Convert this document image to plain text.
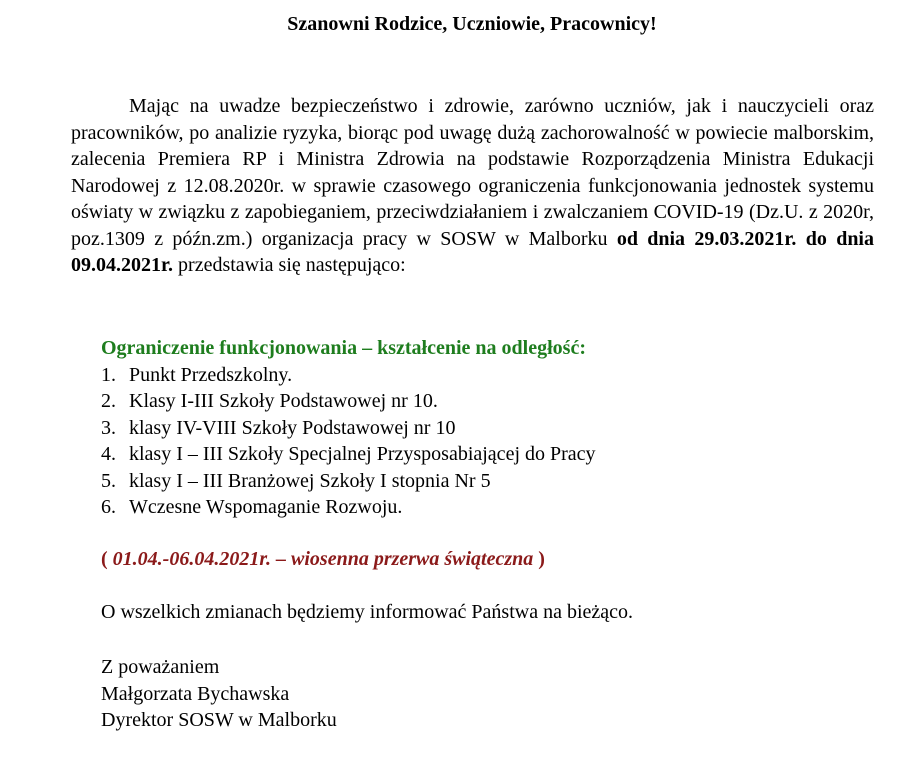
Szanowni Rodzice, Uczniowie, Pracownicy!
Mając na uwadze bezpieczeństwo i zdrowie, zarówno uczniów, jak i nauczycieli oraz pracowników, po analizie ryzyka, biorąc pod uwagę dużą zachorowalność w powiecie malborskim, zalecenia Premiera RP i Ministra Zdrowia na podstawie Rozporządzenia Ministra Edukacji Narodowej z 12.08.2020r. w sprawie czasowego ograniczenia funkcjonowania jednostek systemu oświaty w związku z zapobieganiem, przeciwdziałaniem i zwalczaniem COVID-19 (Dz.U. z 2020r, poz.1309 z późn.zm.) organizacja pracy w SOSW w Malborku od dnia 29.03.2021r. do dnia 09.04.2021r. przedstawia się następująco:
Ograniczenie funkcjonowania – kształcenie na odległość:
1. Punkt Przedszkolny.
2. Klasy I-III Szkoły Podstawowej nr 10.
3. klasy IV-VIII Szkoły Podstawowej nr 10
4. klasy I – III Szkoły Specjalnej Przysposabiającej do Pracy
5. klasy I – III Branżowej Szkoły I stopnia Nr 5
6. Wczesne Wspomaganie Rozwoju.
( 01.04.-06.04.2021r. – wiosenna przerwa świąteczna )
O wszelkich zmianach będziemy informować Państwa na bieżąco.
Z poważaniem
Małgorzata Bychawska
Dyrektor SOSW w Malborku
